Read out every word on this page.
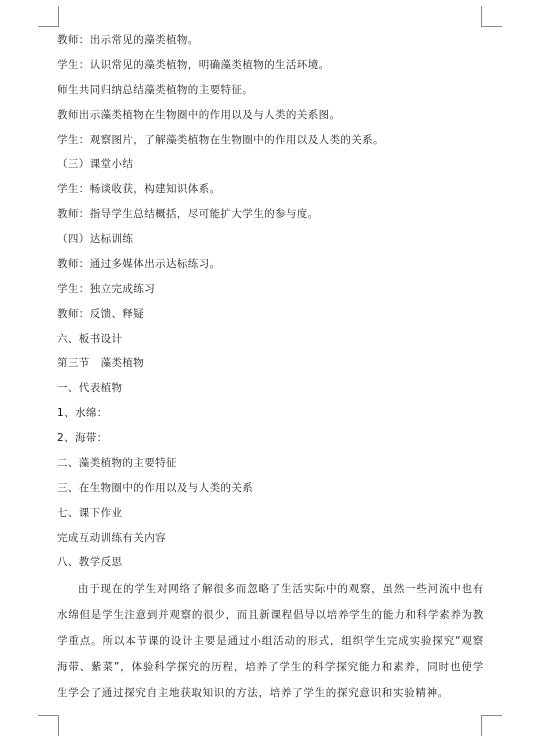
教师：出示常见的藻类植物。
学生：认识常见的藻类植物，明确藻类植物的生活环境。
师生共同归纳总结藻类植物的主要特征。
教师出示藻类植物在生物圈中的作用以及与人类的关系图。
学生：观察图片，了解藻类植物在生物圈中的作用以及人类的关系。
（三）课堂小结
学生：畅谈收获，构建知识体系。
教师：指导学生总结概括，尽可能扩大学生的参与度。
（四）达标训练
教师：通过多媒体出示达标练习。
学生：独立完成练习
教师：反馈、释疑
六、板书设计
第三节　藻类植物
一、代表植物
1、水绵：
2、海带：
二、藻类植物的主要特征
三、在生物圈中的作用以及与人类的关系
七、课下作业
完成互动训练有关内容
八、教学反思
由于现在的学生对网络了解很多而忽略了生活实际中的观察，虽然一些河流中也有水绵但是学生注意到并观察的很少，而且新课程倡导以培养学生的能力和科学素养为教学重点。所以本节课的设计主要是通过小组活动的形式，组织学生完成实验探究“观察海带、紫菜”，体验科学探究的历程，培养了学生的科学探究能力和素养，同时也使学生学会了通过探究自主地获取知识的方法，培养了学生的探究意识和实验精神。
